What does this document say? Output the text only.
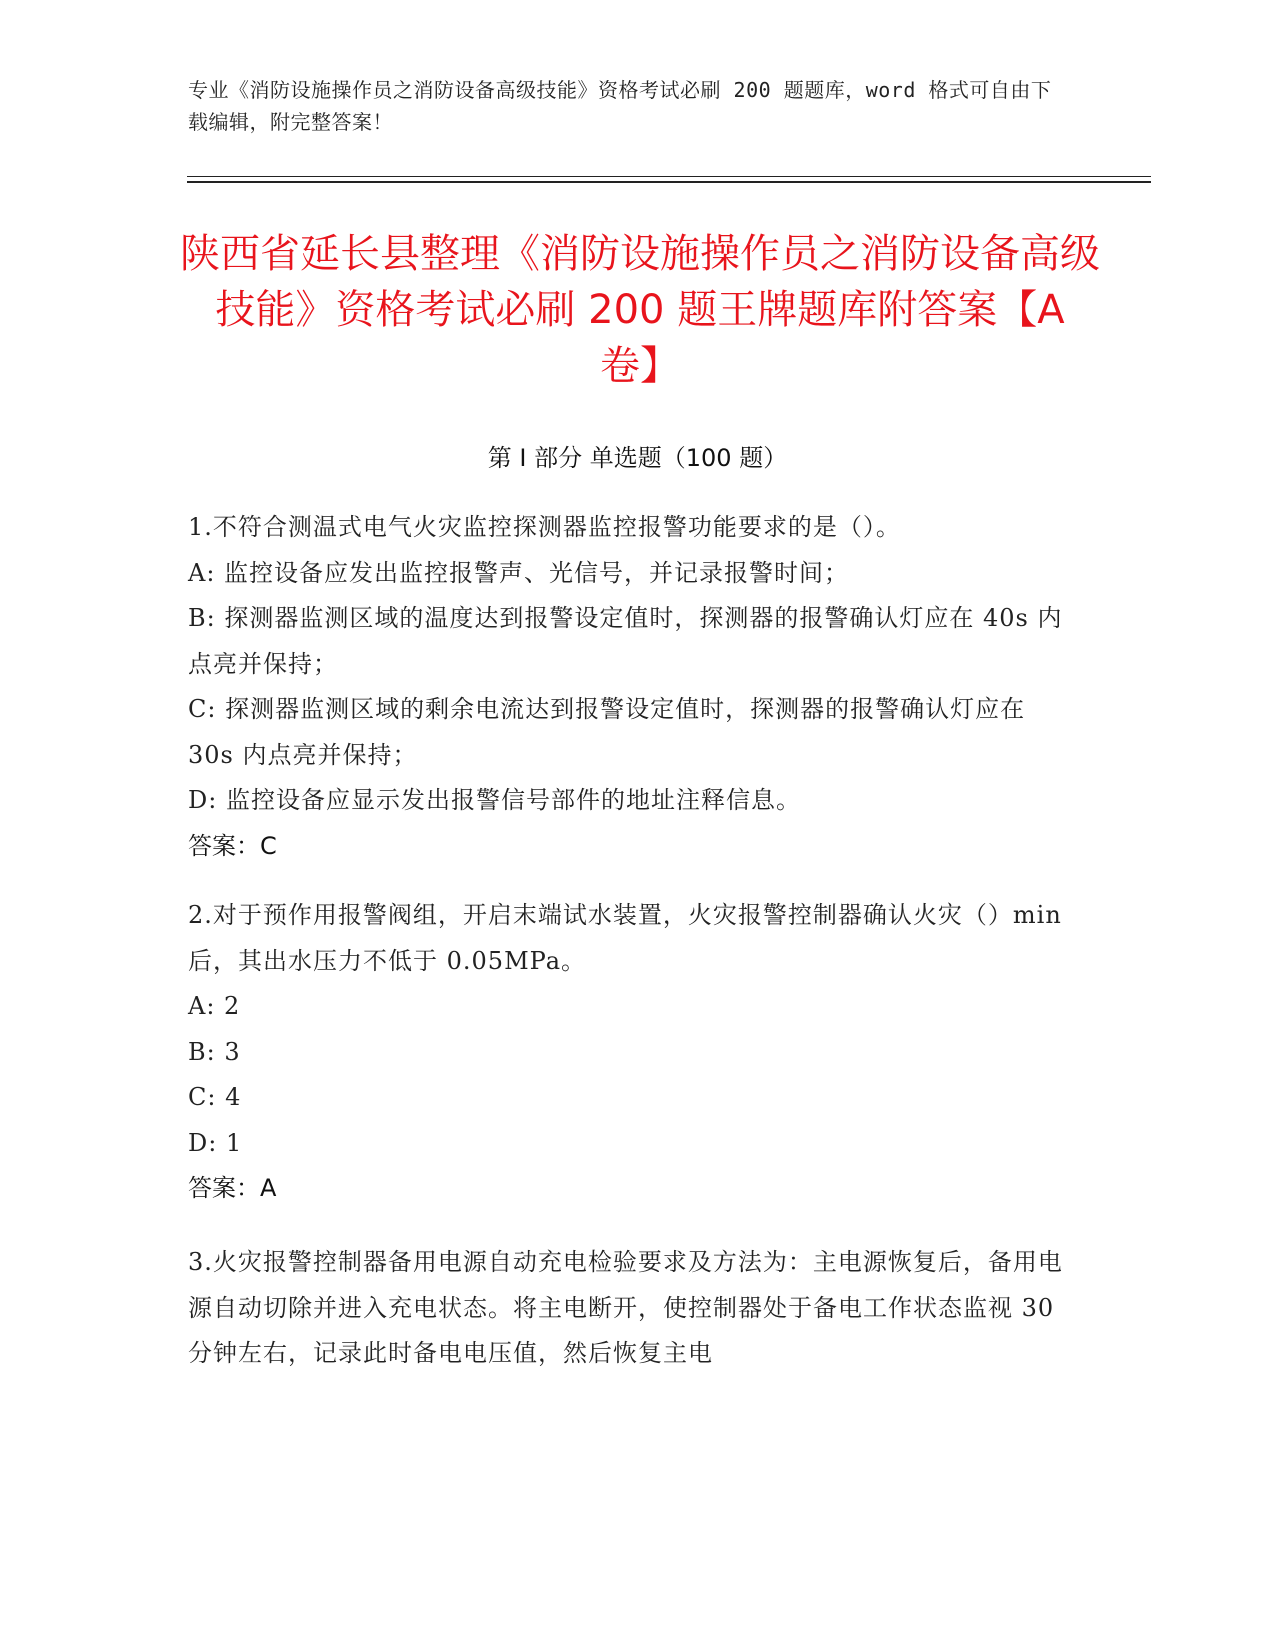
专业《消防设施操作员之消防设备高级技能》资格考试必刷 200 题题库，word 格式可自由下载编辑，附完整答案！
陕西省延长县整理《消防设施操作员之消防设备高级技能》资格考试必刷 200 题王牌题库附答案【A 卷】
第 I 部分 单选题（100 题）

1.不符合测温式电气火灾监控探测器监控报警功能要求的是（）。

A: 监控设备应发出监控报警声、光信号，并记录报警时间；

B: 探测器监测区域的温度达到报警设定值时，探测器的报警确认灯应在 40s 内点亮并保持；

C: 探测器监测区域的剩余电流达到报警设定值时，探测器的报警确认灯应在 30s 内点亮并保持；

D: 监控设备应显示发出报警信号部件的地址注释信息。

答案：C

2.对于预作用报警阀组，开启末端试水装置，火灾报警控制器确认火灾（）min 后，其出水压力不低于 0.05MPa。

A: 2

B: 3

C: 4

D: 1

答案：A

3.火灾报警控制器备用电源自动充电检验要求及方法为：主电源恢复后，备用电源自动切除并进入充电状态。将主电断开，使控制器处于备电工作状态监视 30 分钟左右，记录此时备电电压值，然后恢复主电
